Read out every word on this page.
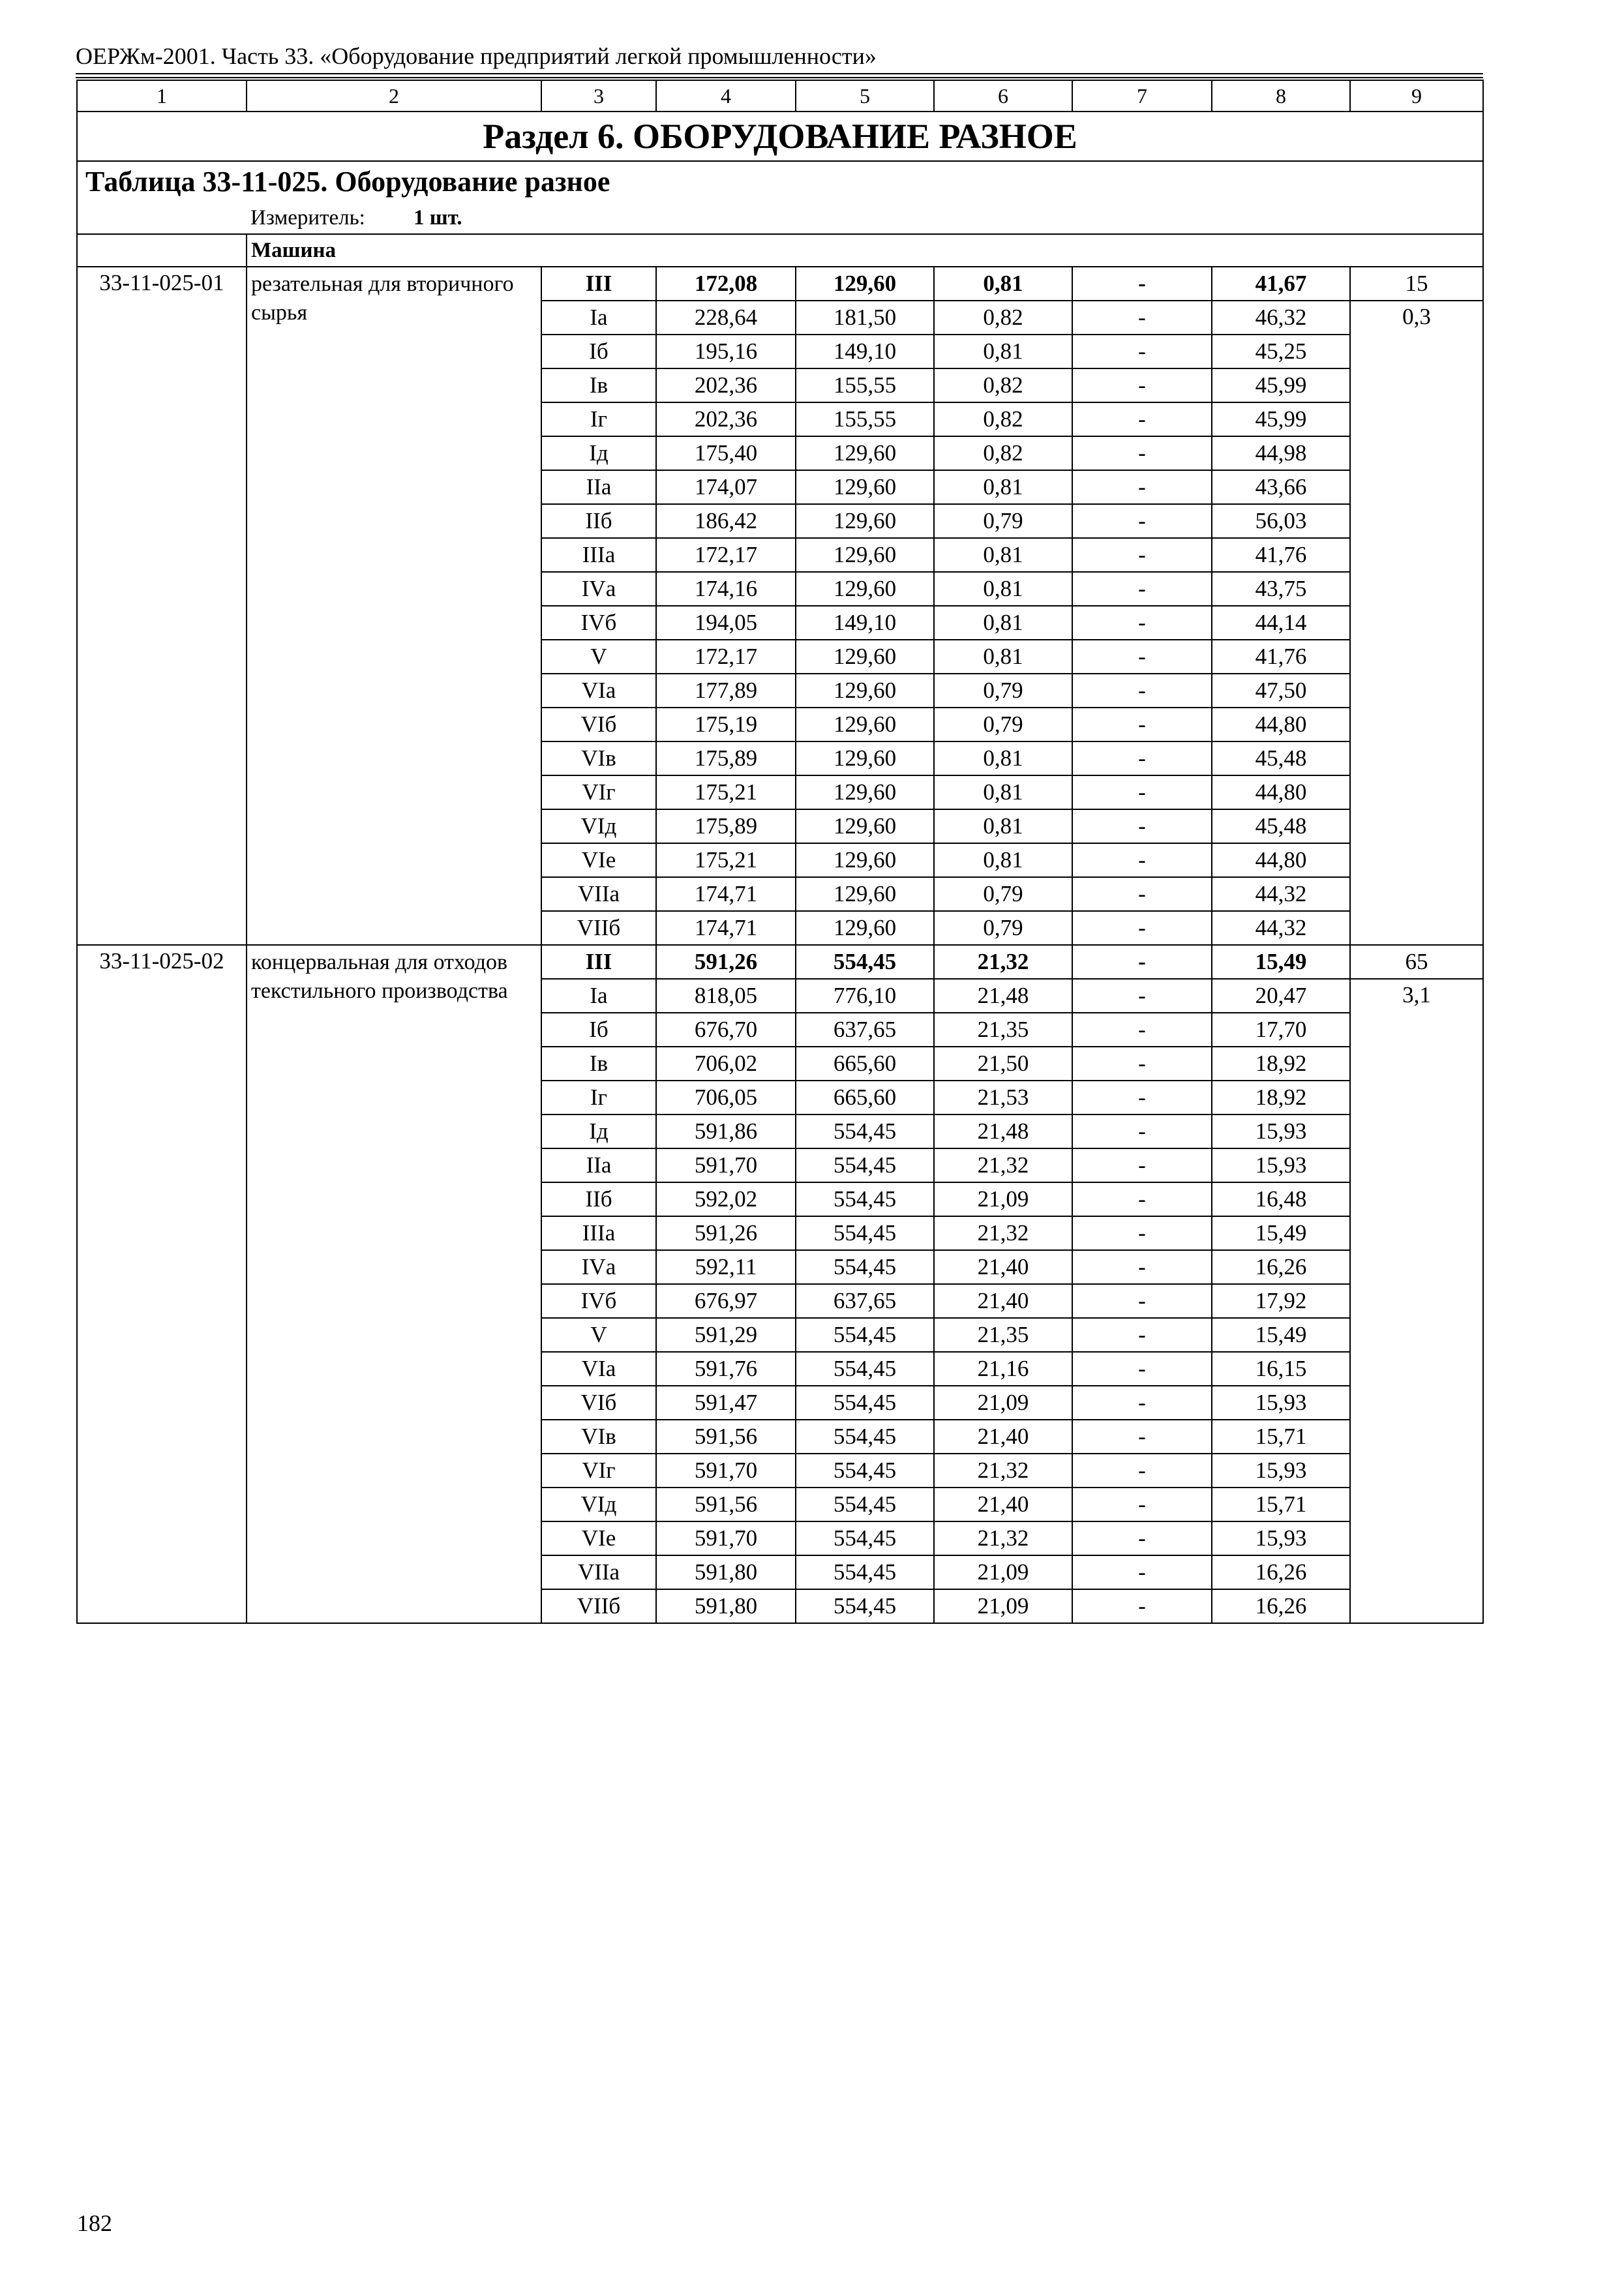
ОЕРЖм-2001. Часть 33. «Оборудование предприятий легкой промышленности»
1	2	3	4	5	6	7	8	9
Раздел 6. ОБОРУДОВАНИЕ РАЗНОЕ								
Таблица 33-11-025. Оборудование разное								
	Измеритель: 1 шт.							
	Машина							
33-11-025-01	резательная для вторичного сырья	III	172,08	129,60	0,81	-	41,67	15
		Iа	228,64	181,50	0,82	-	46,32	0,3
		Iб	195,16	149,10	0,81	-	45,25	
		Iв	202,36	155,55	0,82	-	45,99	
		Iг	202,36	155,55	0,82	-	45,99	
		Iд	175,40	129,60	0,82	-	44,98	
		IIа	174,07	129,60	0,81	-	43,66	
		IIб	186,42	129,60	0,79	-	56,03	
		IIIа	172,17	129,60	0,81	-	41,76	
		IVа	174,16	129,60	0,81	-	43,75	
		IVб	194,05	149,10	0,81	-	44,14	
		V	172,17	129,60	0,81	-	41,76	
		VIа	177,89	129,60	0,79	-	47,50	
		VIб	175,19	129,60	0,79	-	44,80	
		VIв	175,89	129,60	0,81	-	45,48	
		VIг	175,21	129,60	0,81	-	44,80	
		VIд	175,89	129,60	0,81	-	45,48	
		VIе	175,21	129,60	0,81	-	44,80	
		VIIа	174,71	129,60	0,79	-	44,32	
		VIIб	174,71	129,60	0,79	-	44,32	
33-11-025-02	концервальная для отходов текстильного производства	III	591,26	554,45	21,32	-	15,49	65
		Iа	818,05	776,10	21,48	-	20,47	3,1
		Iб	676,70	637,65	21,35	-	17,70	
		Iв	706,02	665,60	21,50	-	18,92	
		Iг	706,05	665,60	21,53	-	18,92	
		Iд	591,86	554,45	21,48	-	15,93	
		IIа	591,70	554,45	21,32	-	15,93	
		IIб	592,02	554,45	21,09	-	16,48	
		IIIа	591,26	554,45	21,32	-	15,49	
		IVа	592,11	554,45	21,40	-	16,26	
		IVб	676,97	637,65	21,40	-	17,92	
		V	591,29	554,45	21,35	-	15,49	
		VIа	591,76	554,45	21,16	-	16,15	
		VIб	591,47	554,45	21,09	-	15,93	
		VIв	591,56	554,45	21,40	-	15,71	
		VIг	591,70	554,45	21,32	-	15,93	
		VIд	591,56	554,45	21,40	-	15,71	
		VIе	591,70	554,45	21,32	-	15,93	
		VIIа	591,80	554,45	21,09	-	16,26	
		VIIб	591,80	554,45	21,09	-	16,26	
182
